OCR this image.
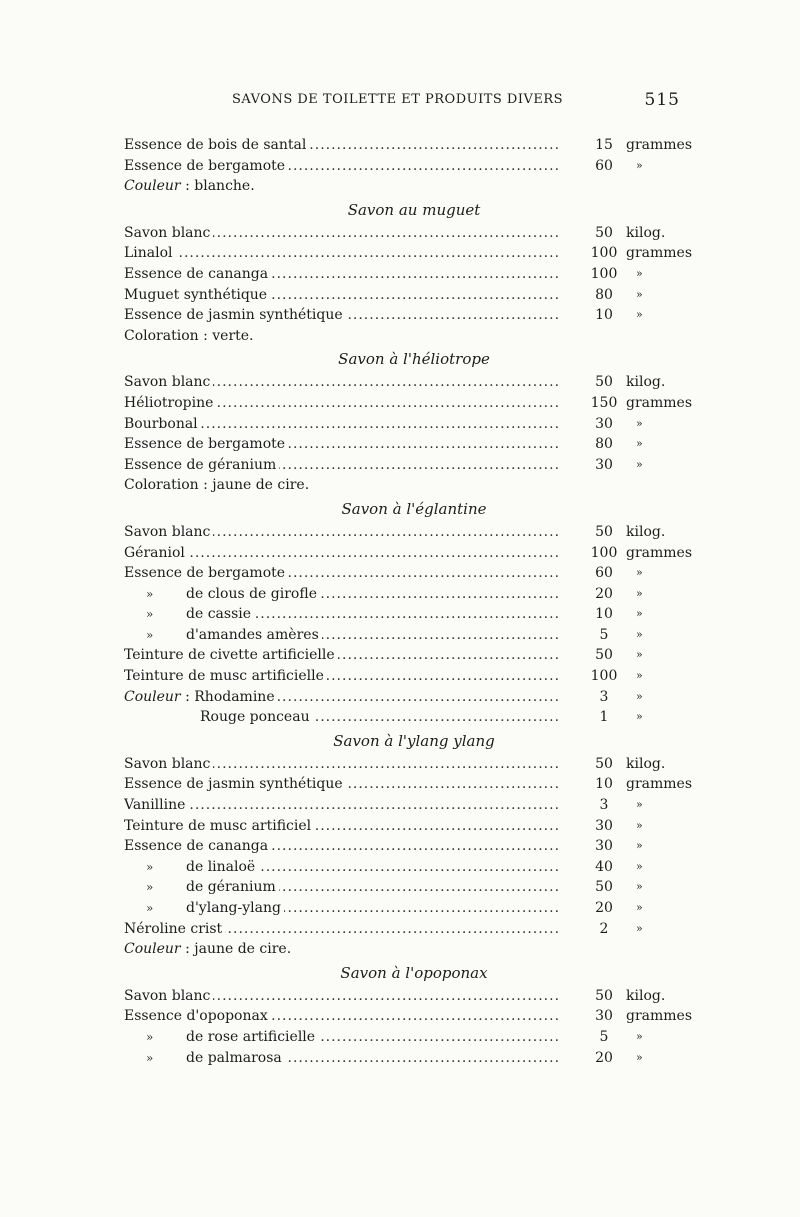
SAVONS DE TOILETTE ET PRODUITS DIVERS	515
Essence de bois de santal .....	15 grammes
Essence de bergamote .....	60	»
Couleur : blanche.
Savon au muguet
Savon blanc .....	50 kilog.
Linalol .....	100 grammes
Essence de cananga .....	100	»
Muguet synthétique .....	80	»
Essence de jasmin synthétique .....	10	»
Coloration : verte.
Savon à l'héliotrope
Savon blanc .....	50 kilog.
Héliotropine .....	150 grammes
Bourbonal .....	30	»
Essence de bergamote .....	80	»
Essence de géranium .....	30	»
Coloration : jaune de cire.
Savon à l'églantine
Savon blanc .....	50 kilog.
Géraniol .....	100 grammes
Essence de bergamote .....	60	»
» de clous de girofle .....	20	»
» de cassie .....	10	»
» d'amandes amères .....	5	»
Teinture de civette artificielle .....	50	»
Teinture de musc artificielle .....	100	»
Couleur : Rhodamine .....	3	»
Rouge ponceau .....	1	»
Savon à l'ylang ylang
Savon blanc .....	50 kilog.
Essence de jasmin synthétique .....	10 grammes
Vanilline .....	3	»
Teinture de musc artificiel .....	30	»
Essence de cananga .....	30	»
» de linaloë .....	40	»
» de géranium .....	50	»
» d'ylang-ylang .....	20	»
Néroline crist .....	2	»
Couleur : jaune de cire.
Savon à l'opoponax
Savon blanc .....	50 kilog.
Essence d'opoponax .....	30 grammes
» de rose artificielle .....	5	»
» de palmarosa .....	20	»
